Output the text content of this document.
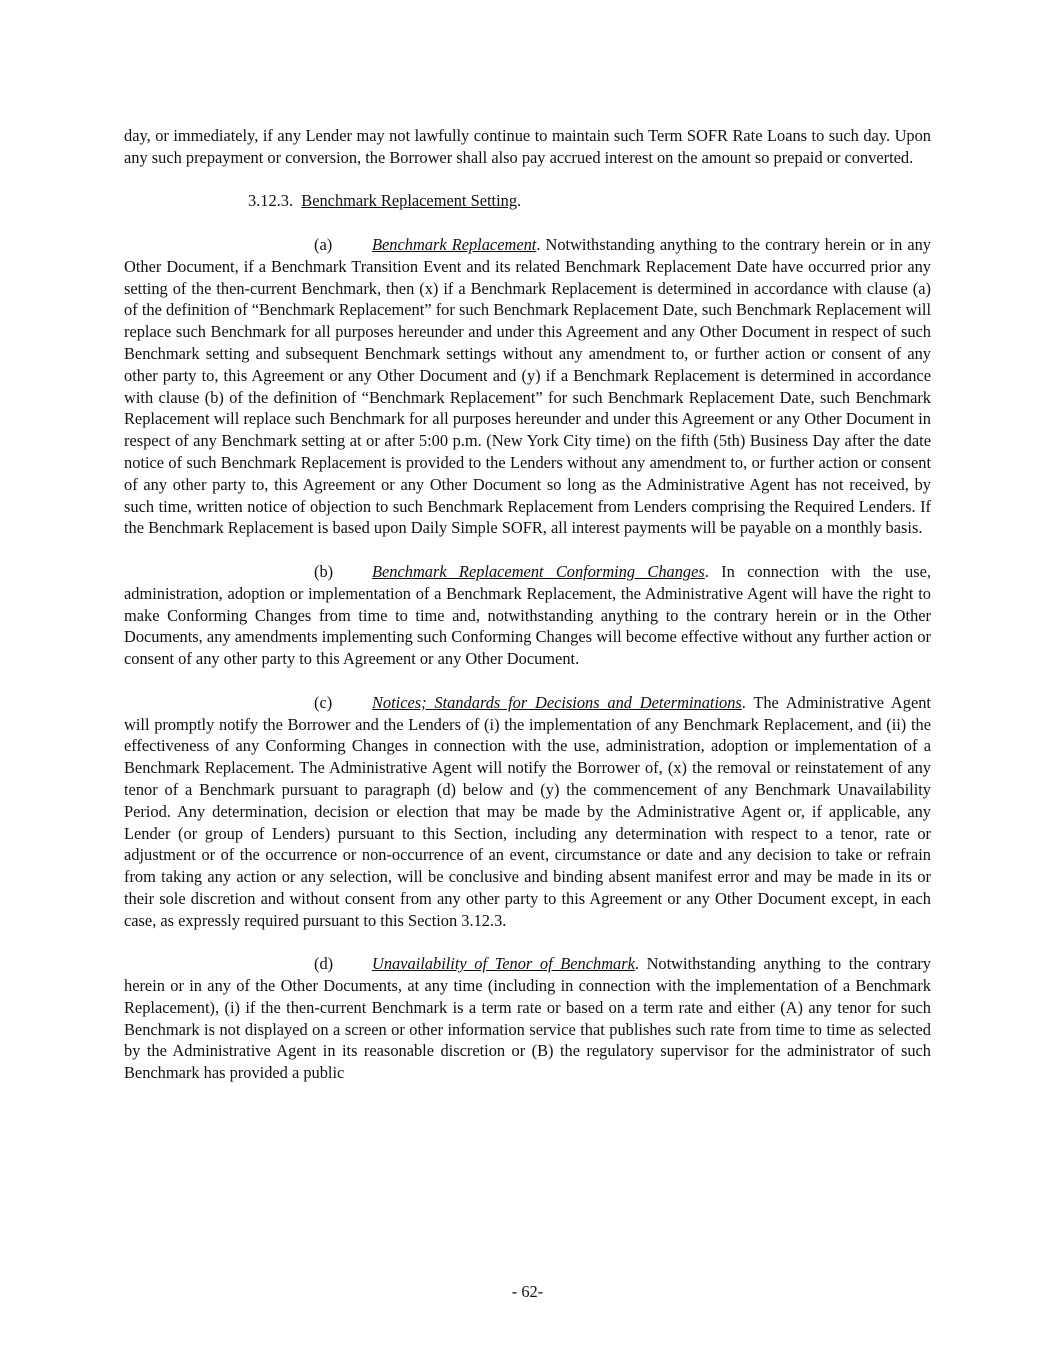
day, or immediately, if any Lender may not lawfully continue to maintain such Term SOFR Rate Loans to such day. Upon any such prepayment or conversion, the Borrower shall also pay accrued interest on the amount so prepaid or converted.

3.12.3. Benchmark Replacement Setting.

(a) Benchmark Replacement. Notwithstanding anything to the contrary herein or in any Other Document, if a Benchmark Transition Event and its related Benchmark Replacement Date have occurred prior any setting of the then-current Benchmark, then (x) if a Benchmark Replacement is determined in accordance with clause (a) of the definition of “Benchmark Replacement” for such Benchmark Replacement Date, such Benchmark Replacement will replace such Benchmark for all purposes hereunder and under this Agreement and any Other Document in respect of such Benchmark setting and subsequent Benchmark settings without any amendment to, or further action or consent of any other party to, this Agreement or any Other Document and (y) if a Benchmark Replacement is determined in accordance with clause (b) of the definition of “Benchmark Replacement” for such Benchmark Replacement Date, such Benchmark Replacement will replace such Benchmark for all purposes hereunder and under this Agreement or any Other Document in respect of any Benchmark setting at or after 5:00 p.m. (New York City time) on the fifth (5th) Business Day after the date notice of such Benchmark Replacement is provided to the Lenders without any amendment to, or further action or consent of any other party to, this Agreement or any Other Document so long as the Administrative Agent has not received, by such time, written notice of objection to such Benchmark Replacement from Lenders comprising the Required Lenders. If the Benchmark Replacement is based upon Daily Simple SOFR, all interest payments will be payable on a monthly basis.

(b) Benchmark Replacement Conforming Changes. In connection with the use, administration, adoption or implementation of a Benchmark Replacement, the Administrative Agent will have the right to make Conforming Changes from time to time and, notwithstanding anything to the contrary herein or in the Other Documents, any amendments implementing such Conforming Changes will become effective without any further action or consent of any other party to this Agreement or any Other Document.

(c) Notices; Standards for Decisions and Determinations. The Administrative Agent will promptly notify the Borrower and the Lenders of (i) the implementation of any Benchmark Replacement, and (ii) the effectiveness of any Conforming Changes in connection with the use, administration, adoption or implementation of a Benchmark Replacement. The Administrative Agent will notify the Borrower of, (x) the removal or reinstatement of any tenor of a Benchmark pursuant to paragraph (d) below and (y) the commencement of any Benchmark Unavailability Period. Any determination, decision or election that may be made by the Administrative Agent or, if applicable, any Lender (or group of Lenders) pursuant to this Section, including any determination with respect to a tenor, rate or adjustment or of the occurrence or non-occurrence of an event, circumstance or date and any decision to take or refrain from taking any action or any selection, will be conclusive and binding absent manifest error and may be made in its or their sole discretion and without consent from any other party to this Agreement or any Other Document except, in each case, as expressly required pursuant to this Section 3.12.3.

(d) Unavailability of Tenor of Benchmark. Notwithstanding anything to the contrary herein or in any of the Other Documents, at any time (including in connection with the implementation of a Benchmark Replacement), (i) if the then-current Benchmark is a term rate or based on a term rate and either (A) any tenor for such Benchmark is not displayed on a screen or other information service that publishes such rate from time to time as selected by the Administrative Agent in its reasonable discretion or (B) the regulatory supervisor for the administrator of such Benchmark has provided a public

- 62-
